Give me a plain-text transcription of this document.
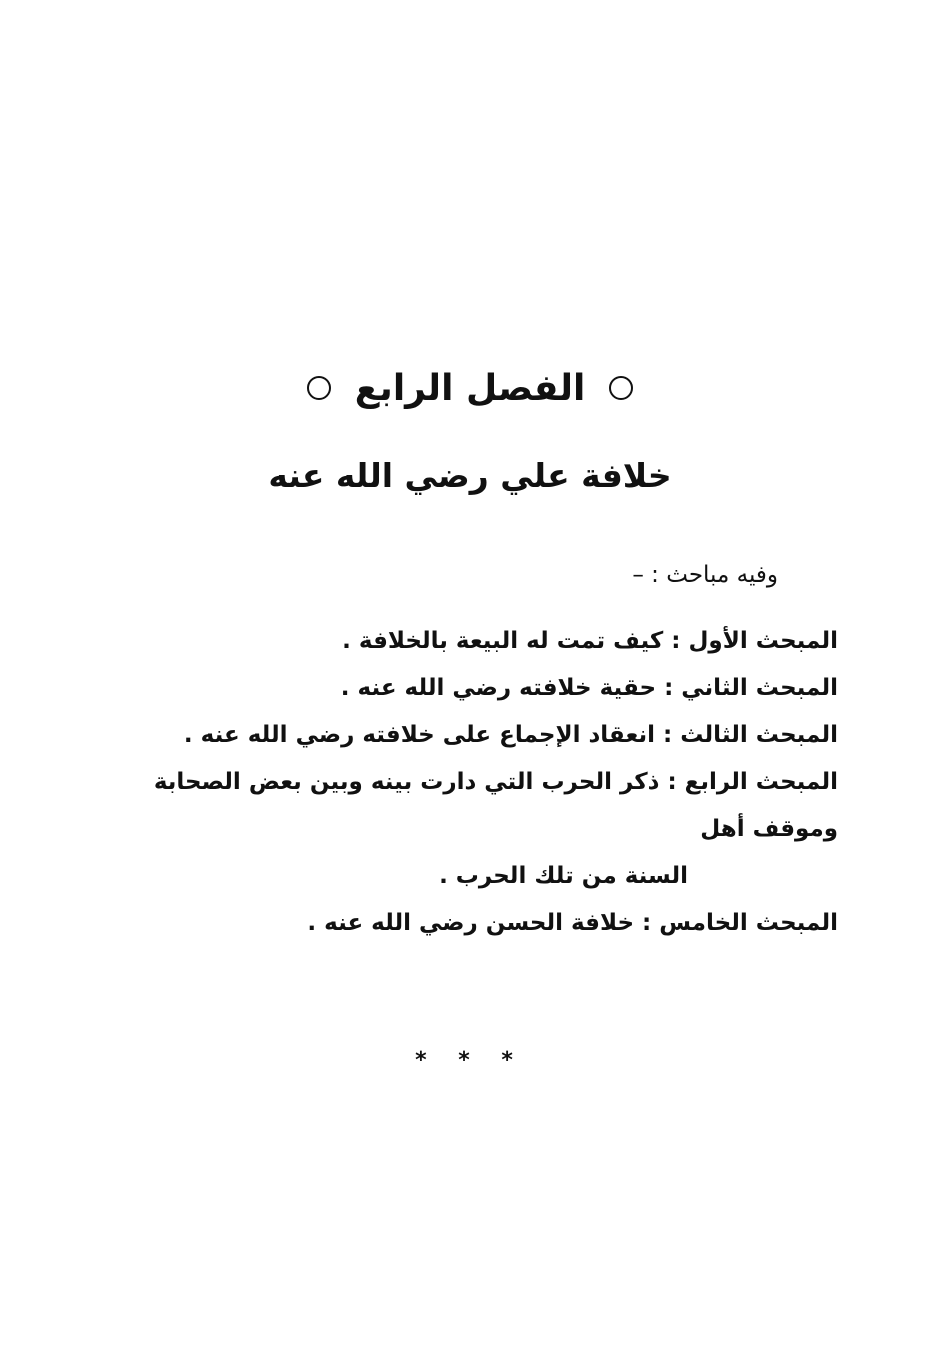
الفصل الرابع
خلافة علي رضي الله عنه
وفيه مباحث : –
المبحث الأول : كيف تمت له البيعة بالخلافة .
المبحث الثاني : حقية خلافته رضي الله عنه .
المبحث الثالث : انعقاد الإجماع على خلافته رضي الله عنه .
المبحث الرابع : ذكر الحرب التي دارت بينه وبين بعض الصحابة وموقف أهل
السنة من تلك الحرب .
المبحث الخامس : خلافة الحسن رضي الله عنه .
* * *
